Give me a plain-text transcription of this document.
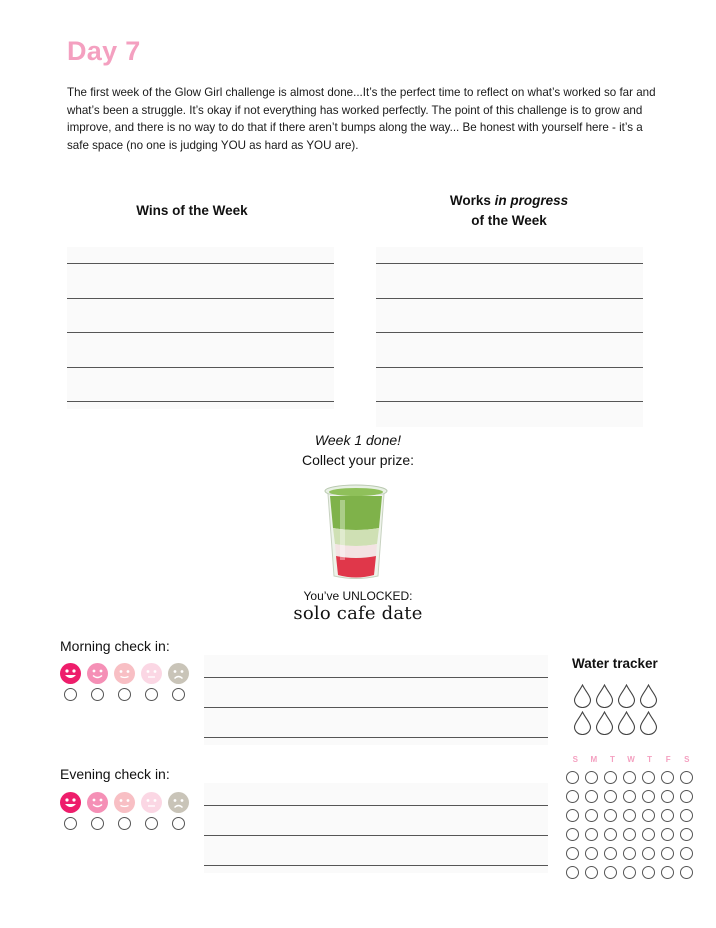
Day 7
The first week of the Glow Girl challenge is almost done...It’s the perfect time to reflect on what’s worked so far and what’s been a struggle. It’s okay if not everything has worked perfectly. The point of this challenge is to grow and improve, and there is no way to do that if there aren’t bumps along the way... Be honest with yourself here - it’s a safe space (no one is judging YOU as hard as YOU are).
Wins of the Week
Works in progress
of the Week
Week 1 done!
Collect your prize:
You’ve UNLOCKED:
solo cafe date
Morning check in:
Evening check in:
Water tracker
S	M	T	W	T	F	S
